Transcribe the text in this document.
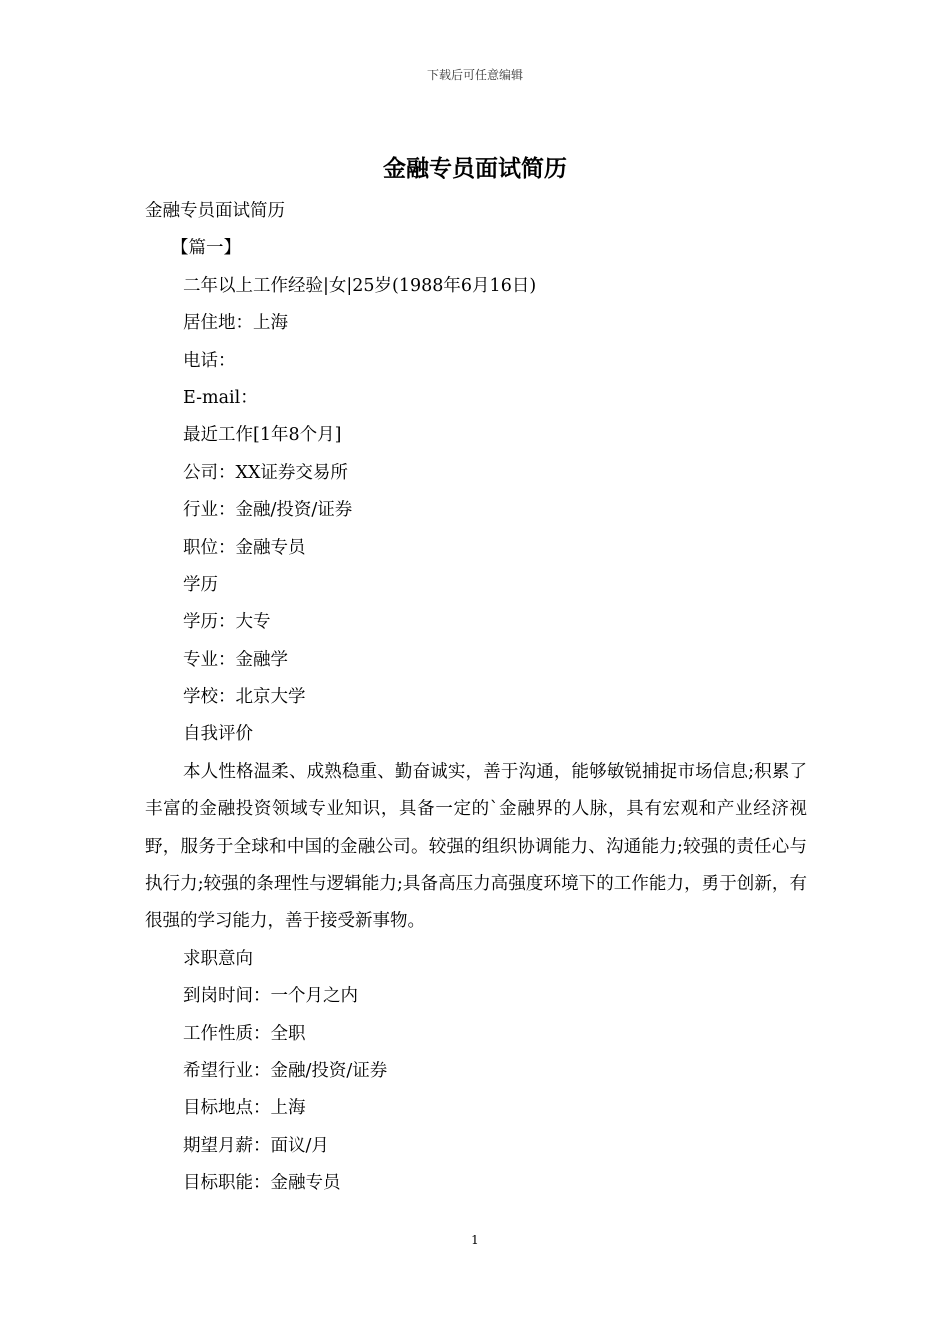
下载后可任意编辑
金融专员面试简历

金融专员面试简历

【篇一】

二年以上工作经验|女|25岁(1988年6月16日)

居住地：上海

电话：

E-mail：

最近工作[1年8个月]

公司：XX证券交易所

行业：金融/投资/证券

职位：金融专员

学历

学历：大专

专业：金融学

学校：北京大学

自我评价

本人性格温柔、成熟稳重、勤奋诚实，善于沟通，能够敏锐捕捉市场信息;积累了丰富的金融投资领域专业知识，具备一定的`金融界的人脉，具有宏观和产业经济视野，服务于全球和中国的金融公司。较强的组织协调能力、沟通能力;较强的责任心与执行力;较强的条理性与逻辑能力;具备高压力高强度环境下的工作能力，勇于创新，有很强的学习能力，善于接受新事物。

求职意向

到岗时间：一个月之内

工作性质：全职

希望行业：金融/投资/证券

目标地点：上海

期望月薪：面议/月

目标职能：金融专员

1
